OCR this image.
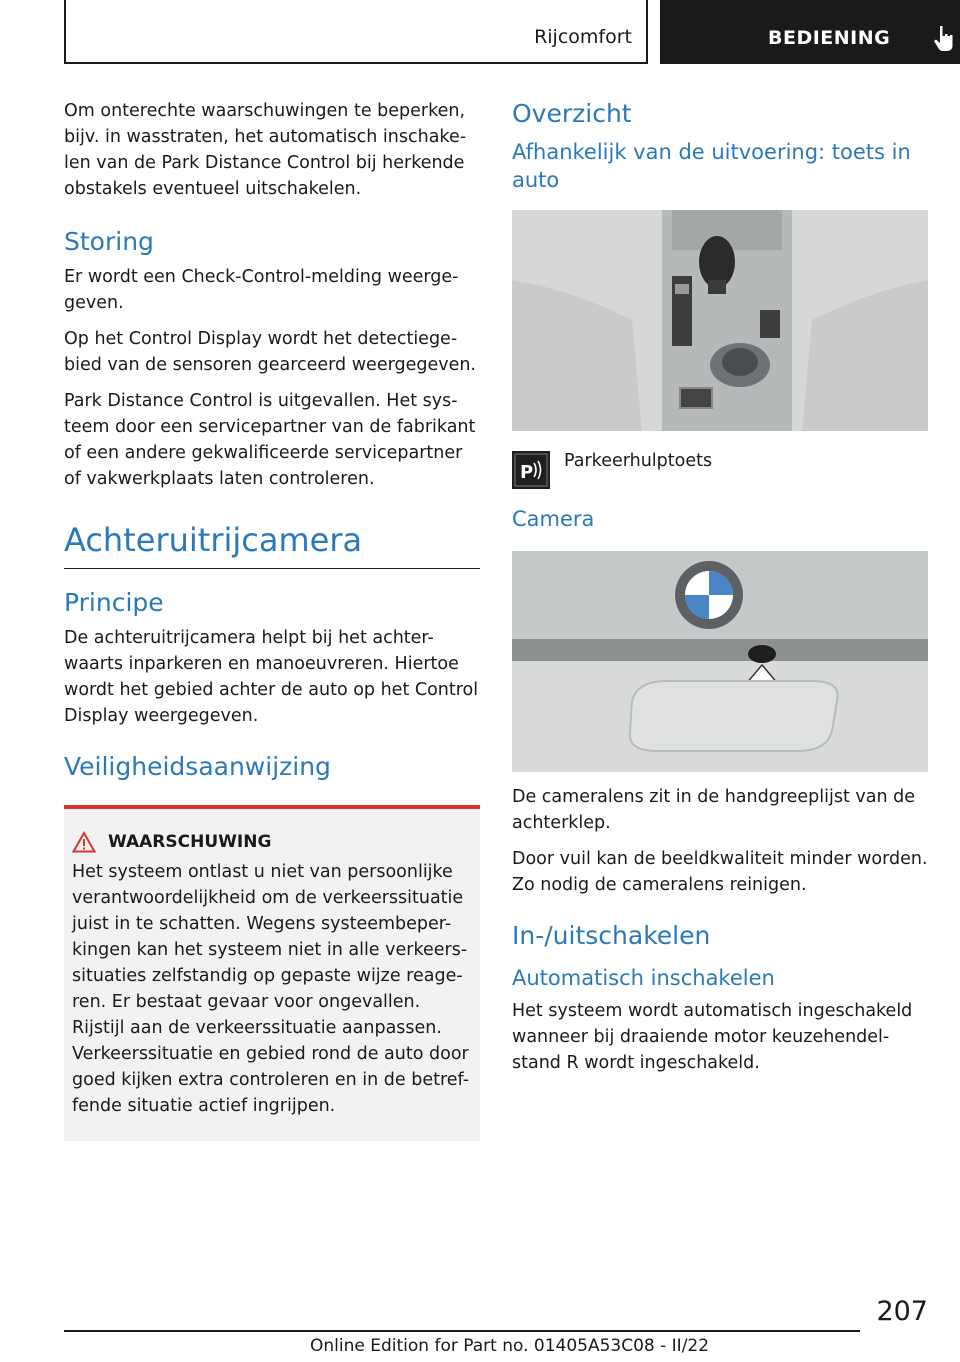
Rijcomfort	BEDIENING

Om onterechte waarschuwingen te beperken, bijv. in wasstraten, het automatisch inschake- len van de Park Distance Control bij herkende obstakels eventueel uitschakelen.

Storing

Er wordt een Check-Control-melding weerge- geven.

Op het Control Display wordt het detectiege- bied van de sensoren gearceerd weergegeven.

Park Distance Control is uitgevallen. Het sys- teem door een servicepartner van de fabrikant of een andere gekwalificeerde servicepartner of vakwerkplaats laten controleren.

Achteruitrijcamera
Principe

De achteruitrijcamera helpt bij het achter- waarts inparkeren en manoeuvreren. Hiertoe wordt het gebied achter de auto op het Control Display weergegeven.

Veiligheidsaanwijzing
WAARSCHUWING

Het systeem ontlast u niet van persoonlijke verantwoordelijkheid om de verkeerssituatie juist in te schatten. Wegens systeembeper- kingen kan het systeem niet in alle verkeers- situaties zelfstandig op gepaste wijze reage- ren. Er bestaat gevaar voor ongevallen. Rijstijl aan de verkeerssituatie aanpassen. Verkeerssituatie en gebied rond de auto door goed kijken extra controleren en in de betref- fende situatie actief ingrijpen.

Overzicht
Afhankelijk van de uitvoering: toets in auto
P
Parkeerhulptoets
Camera

De cameralens zit in de handgreeplijst van de achterklep.

Door vuil kan de beeldkwaliteit minder worden. Zo nodig de cameralens reinigen.

In-/uitschakelen
Automatisch inschakelen

Het systeem wordt automatisch ingeschakeld wanneer bij draaiende motor keuzehendel- stand R wordt ingeschakeld.

207
Online Edition for Part no. 01405A53C08 - II/22
